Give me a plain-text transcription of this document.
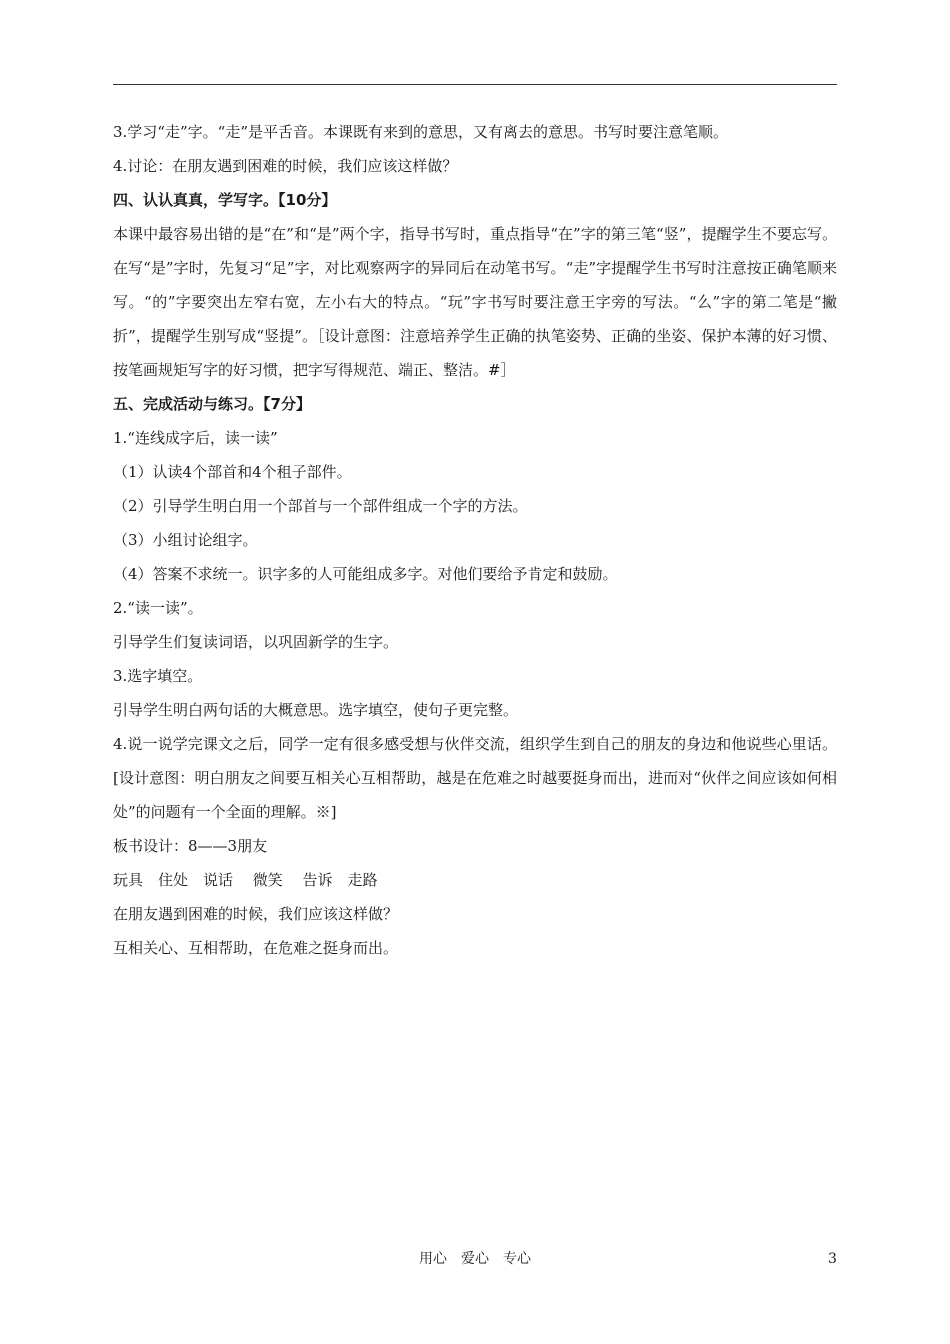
3.学习“走”字。“走”是平舌音。本课既有来到的意思，又有离去的意思。书写时要注意笔顺。

4.讨论：在朋友遇到困难的时候，我们应该这样做？

四、认认真真，学写字。【10分】

本课中最容易出错的是“在”和“是”两个字，指导书写时，重点指导“在”字的第三笔“竖”，提醒学生不要忘写。在写“是”字时，先复习“足”字，对比观察两字的异同后在动笔书写。“走”字提醒学生书写时注意按正确笔顺来写。“的”字要突出左窄右宽，左小右大的特点。“玩”字书写时要注意王字旁的写法。“么”字的第二笔是“撇折”，提醒学生别写成“竖提”。［设计意图：注意培养学生正确的执笔姿势、正确的坐姿、保护本薄的好习惯、按笔画规矩写字的好习惯，把字写得规范、端正、整洁。#］

五、完成活动与练习。【7分】

1.“连线成字后，读一读”

（1）认读4个部首和4个租子部件。

（2）引导学生明白用一个部首与一个部件组成一个字的方法。

（3）小组讨论组字。

（4）答案不求统一。识字多的人可能组成多字。对他们要给予肯定和鼓励。

2.“读一读”。

引导学生们复读词语，以巩固新学的生字。

3.选字填空。

引导学生明白两句话的大概意思。选字填空，使句子更完整。

4.说一说学完课文之后，同学一定有很多感受想与伙伴交流，组织学生到自己的朋友的身边和他说些心里话。[设计意图：明白朋友之间要互相关心互相帮助，越是在危难之时越要挺身而出，进而对“伙伴之间应该如何相处”的问题有一个全面的理解。※]

板书设计：8——3朋友

玩具　住处　说话　 微笑　 告诉　走路

在朋友遇到困难的时候，我们应该这样做？

互相关心、互相帮助，在危难之挺身而出。

用心　爱心　专心	3
